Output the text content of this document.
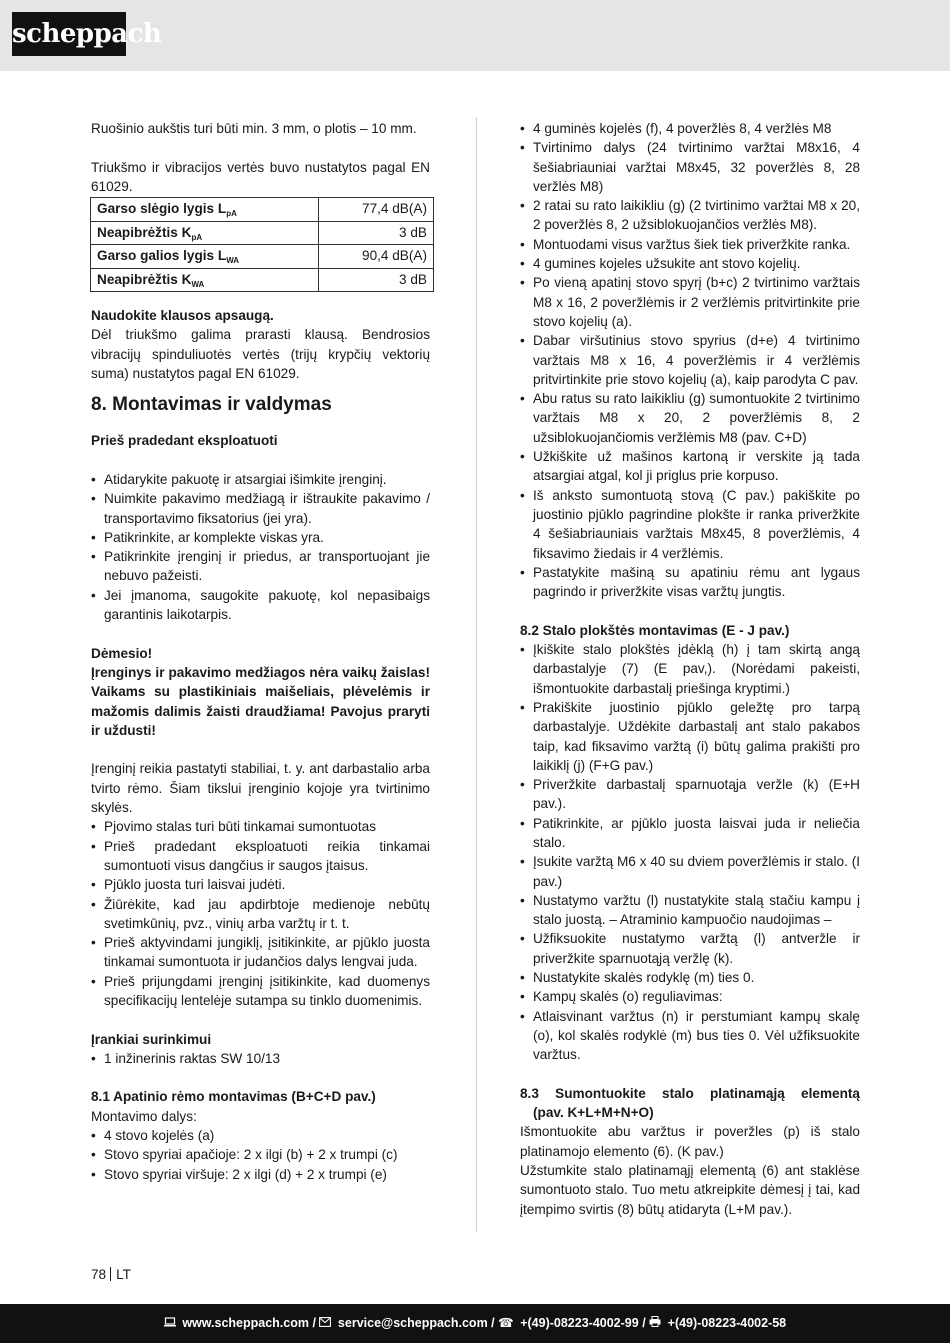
scheppach

Ruošinio aukštis turi būti min. 3 mm, o plotis – 10 mm.

Triukšmo ir vibracijos vertės buvo nustatytos pagal EN 61029.

Garso slėgio lygis $L_{pA}$	77,4 dB(A)
Neapibrėžtis $K_{pA}$	3 dB
Garso galios lygis $L_{WA}$	90,4 dB(A)
Neapibrėžtis $K_{WA}$	3 dB

Naudokite klausos apsaugą.

Dėl triukšmo galima prarasti klausą. Bendrosios vibracijų spinduliuotės vertės (trijų krypčių vektorių suma) nustatytos pagal EN 61029.

8. Montavimas ir valdymas

Prieš pradedant eksploatuoti

• Atidarykite pakuotę ir atsargiai išimkite įrenginį.
• Nuimkite pakavimo medžiagą ir ištraukite pakavimo / transportavimo fiksatorius (jei yra).
• Patikrinkite, ar komplekte viskas yra.
• Patikrinkite įrenginį ir priedus, ar transportuojant jie nebuvo pažeisti.
• Jei įmanoma, saugokite pakuotę, kol nepasibaigs garantinis laikotarpis.

Dėmesio!

Įrenginys ir pakavimo medžiagos nėra vaikų žaislas! Vaikams su plastikiniais maišeliais, plėvelėmis ir mažomis dalimis žaisti draudžiama! Pavojus praryti ir uždusti!

Įrenginį reikia pastatyti stabiliai, t. y. ant darbastalio arba tvirto rėmo. Šiam tikslui įrenginio kojoje yra tvirtinimo skylės.

• Pjovimo stalas turi būti tinkamai sumontuotas
• Prieš pradedant eksploatuoti reikia tinkamai sumontuoti visus dangčius ir saugos įtaisus.
• Pjūklo juosta turi laisvai judėti.
• Žiūrėkite, kad jau apdirbtoje medienoje nebūtų svetimkūnių, pvz., vinių arba varžtų ir t. t.
• Prieš aktyvindami jungiklį, įsitikinkite, ar pjūklo juosta tinkamai sumontuota ir judančios dalys lengvai juda.
• Prieš prijungdami įrenginį įsitikinkite, kad duomenys specifikacijų lentelėje sutampa su tinklo duomenimis.

Įrankiai surinkimui

• 1 inžinerinis raktas SW 10/13

8.1 Apatinio rėmo montavimas (B+C+D pav.)

Montavimo dalys:

• 4 stovo kojelės (a)
• Stovo spyriai apačioje: 2 x ilgi (b) + 2 x trumpi (c)
• Stovo spyriai viršuje: 2 x ilgi (d) + 2 x trumpi (e)
• 4 guminės kojelės (f), 4 poveržlės 8, 4 veržlės M8
• Tvirtinimo dalys (24 tvirtinimo varžtai M8x16, 4 šešiabriauniai varžtai M8x45, 32 poveržlės 8, 28 veržlės M8)
• 2 ratai su rato laikikliu (g) (2 tvirtinimo varžtai M8 x 20, 2 poveržlės 8, 2 užsiblokuojančios veržlės M8).
• Montuodami visus varžtus šiek tiek priveržkite ranka.
• 4 gumines kojeles užsukite ant stovo kojelių.
• Po vieną apatinį stovo spyrį (b+c) 2 tvirtinimo varžtais M8 x 16, 2 poveržlėmis ir 2 veržlėmis pritvirtinkite prie stovo kojelių (a).
• Dabar viršutinius stovo spyrius (d+e) 4 tvirtinimo varžtais M8 x 16, 4 poveržlėmis ir 4 veržlėmis pritvirtinkite prie stovo kojelių (a), kaip parodyta C pav.
• Abu ratus su rato laikikliu (g) sumontuokite 2 tvirtinimo varžtais M8 x 20, 2 poveržlėmis 8, 2 užsiblokuojančiomis veržlėmis M8 (pav. C+D)
• Užkiškite už mašinos kartoną ir verskite ją tada atsargiai atgal, kol ji priglus prie korpuso.
• Iš anksto sumontuotą stovą (C pav.) pakiškite po juostinio pjūklo pagrindine plokšte ir ranka priveržkite 4 šešiabriauniais varžtais M8x45, 8 poveržlėmis, 4 fiksavimo žiedais ir 4 veržlėmis.
• Pastatykite mašiną su apatiniu rėmu ant lygaus pagrindo ir priveržkite visas varžtų jungtis.

8.2 Stalo plokštės montavimas (E - J pav.)

• Įkiškite stalo plokštės įdėklą (h) į tam skirtą angą darbastalyje (7) (E pav,). (Norėdami pakeisti, išmontuokite darbastalį priešinga kryptimi.)
• Prakiškite juostinio pjūklo geležtę pro tarpą darbastalyje. Uždėkite darbastalį ant stalo pakabos taip, kad fiksavimo varžtą (i) būtų galima prakišti pro laikiklį (j) (F+G pav.)
• Priveržkite darbastalį sparnuotąja veržle (k) (E+H pav.).
• Patikrinkite, ar pjūklo juosta laisvai juda ir neliečia stalo.
• Įsukite varžtą M6 x 40 su dviem poveržlėmis ir stalo. (I pav.)
• Nustatymo varžtu (l) nustatykite stalą stačiu kampu į stalo juostą. – Atraminio kampuočio naudojimas –
• Užfiksuokite nustatymo varžtą (l) antveržle ir priveržkite sparnuotąją veržlę (k).
• Nustatykite skalės rodyklę (m) ties 0.
• Kampų skalės (o) reguliavimas:
• Atlaisvinant varžtus (n) ir perstumiant kampų skalę (o), kol skalės rodyklė (m) bus ties 0. Vėl užfiksuokite varžtus.

8.3 Sumontuokite stalo platinamąją elementą

(pav. K+L+M+N+O)

Išmontuokite abu varžtus ir poveržles (p) iš stalo platinamojo elemento (6). (K pav.)

Užstumkite stalo platinamąjį elementą (6) ant staklėse sumontuoto stalo. Tuo metu atkreipkite dėmesį į tai, kad įtempimo svirtis (8) būtų atidaryta (L+M pav.).

78 LT
www.scheppach.com / service@scheppach.com / ☎ +(49)-08223-4002-99 / +(49)-08223-4002-58
